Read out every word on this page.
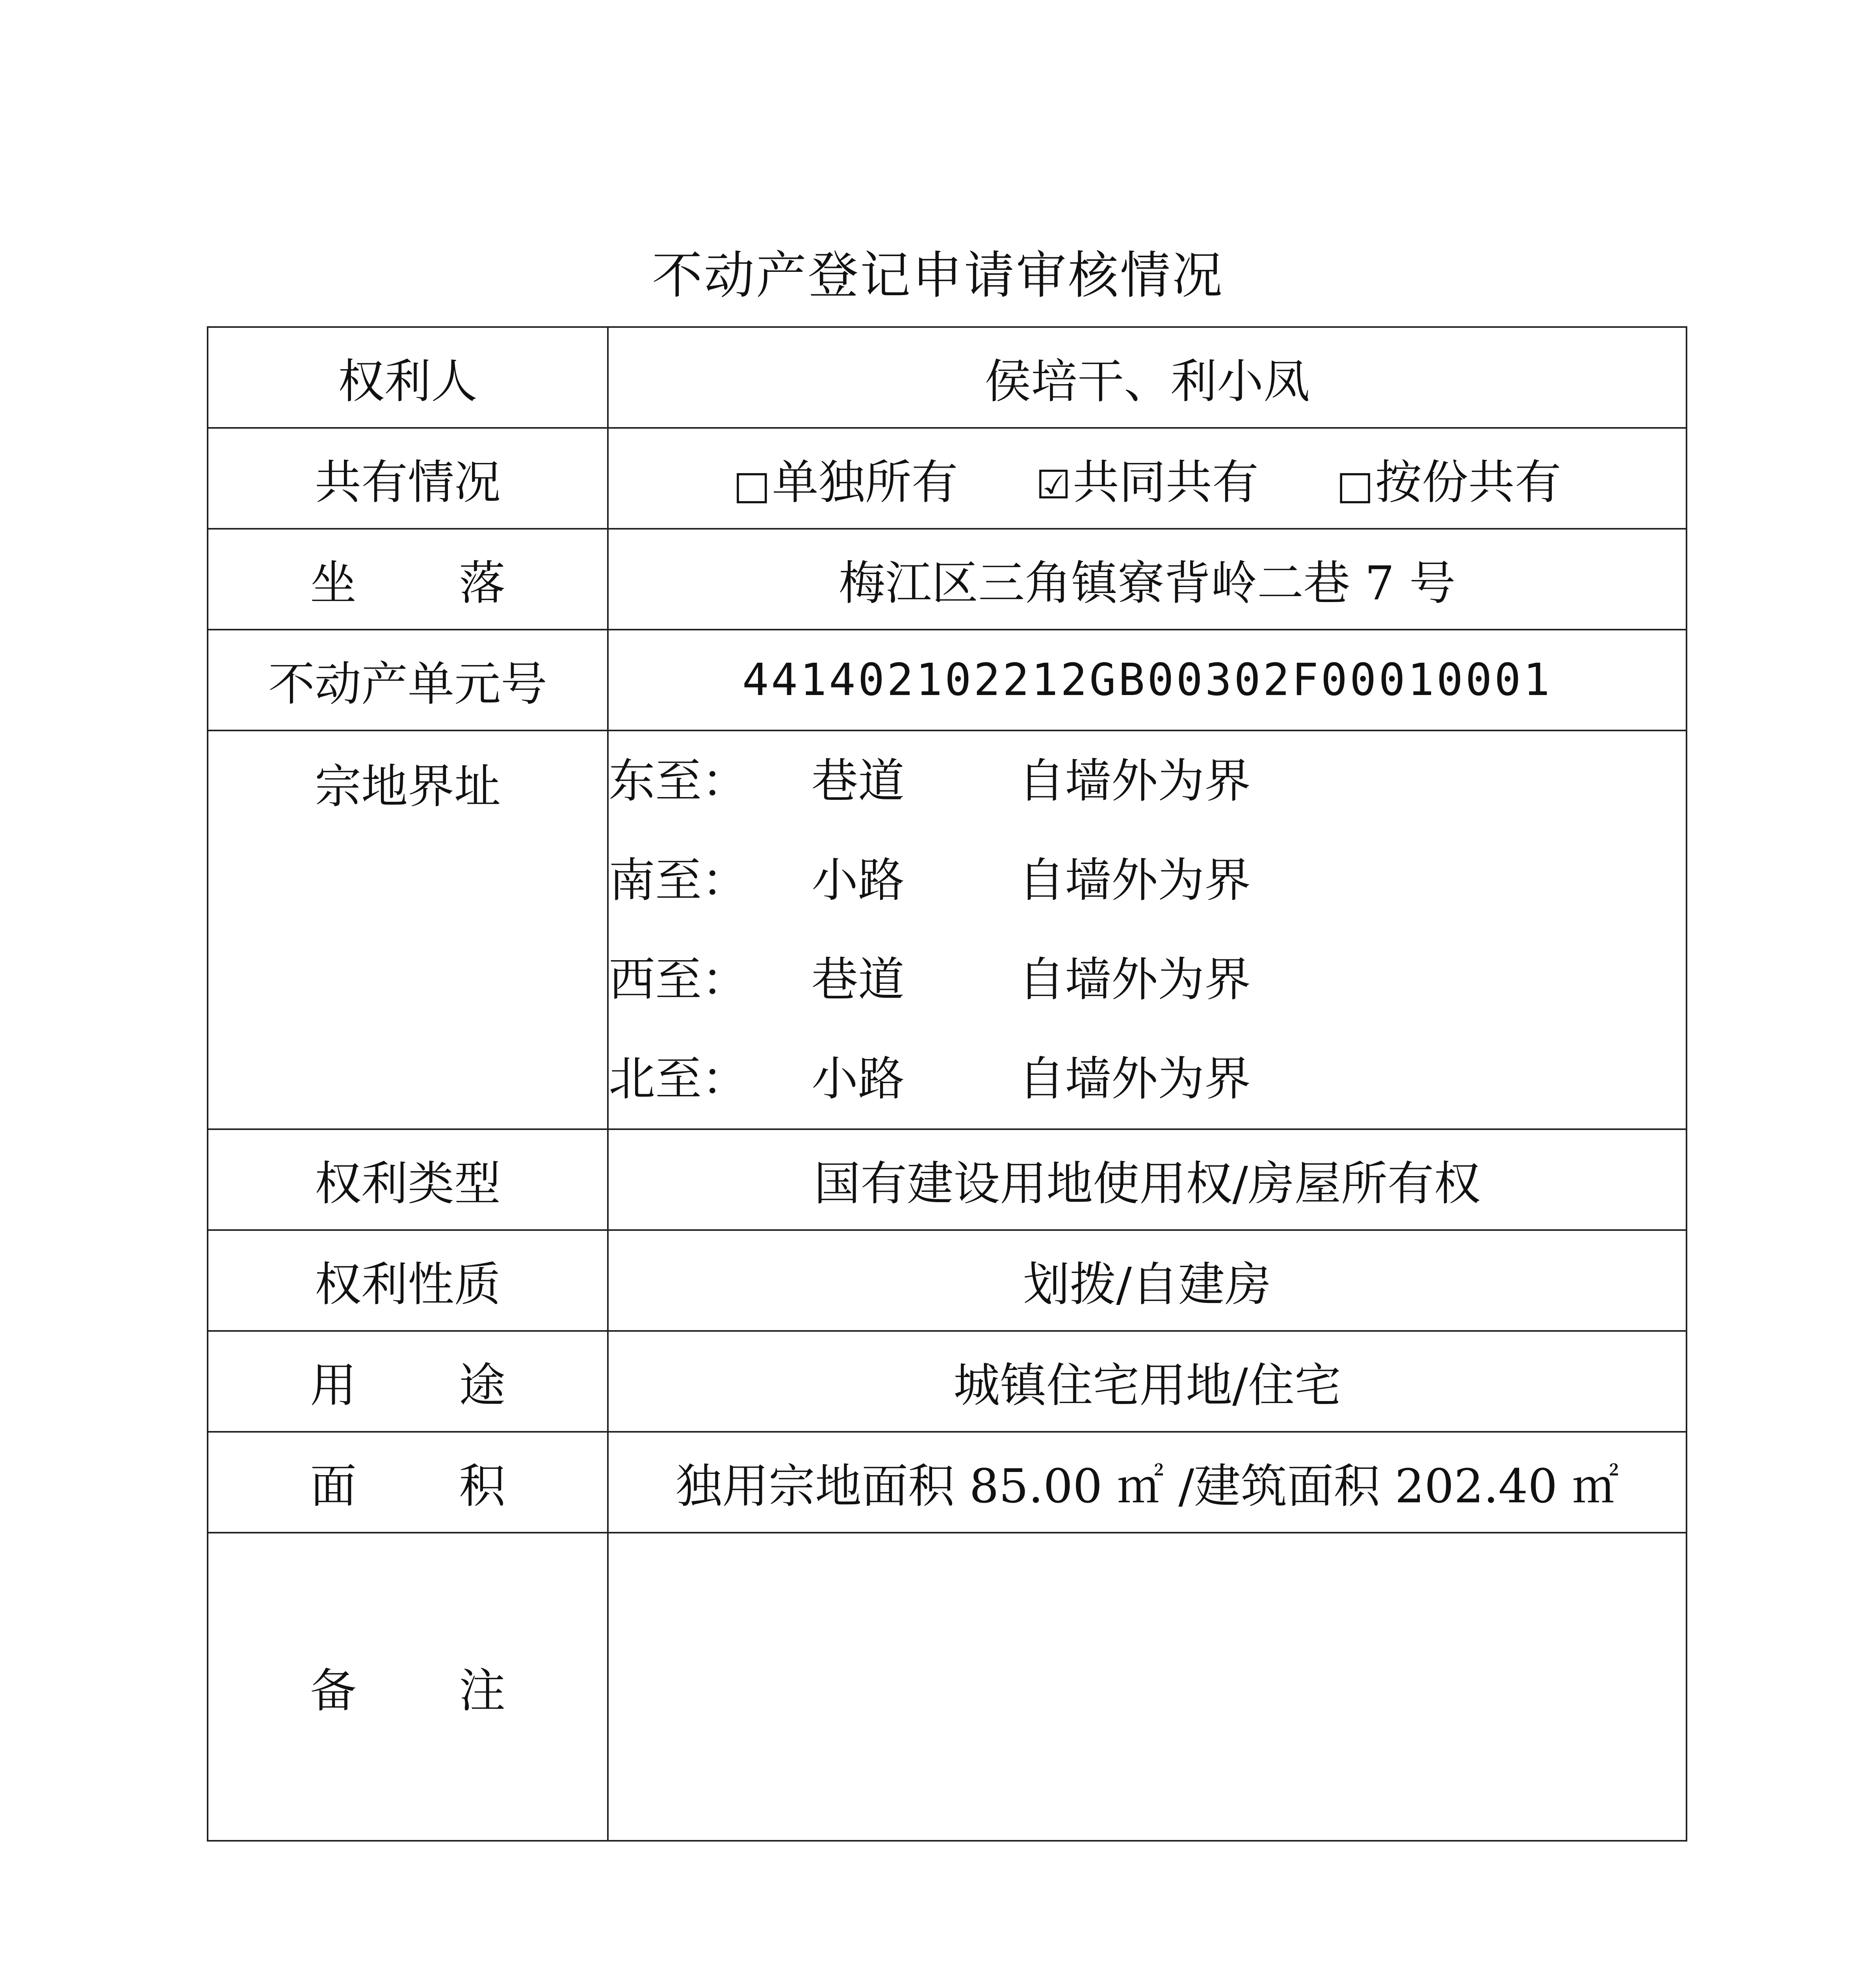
不动产登记申请审核情况
权利人	侯培干、利小凤
共有情况	□单独所有 ☑共同共有 □按份共有
坐 落	梅江区三角镇寮背岭二巷 7 号
不动产单元号	441402102212GB00302F00010001
宗地界址	东至： 巷道 自墙外为界
南至： 小路 自墙外为界
西至： 巷道 自墙外为界
北至： 小路 自墙外为界

权利类型	国有建设用地使用权/房屋所有权
权利性质	划拨/自建房
用 途	城镇住宅用地/住宅
面 积	独用宗地面积 85.00 ㎡ /建筑面积 202.40 ㎡
备 注	
